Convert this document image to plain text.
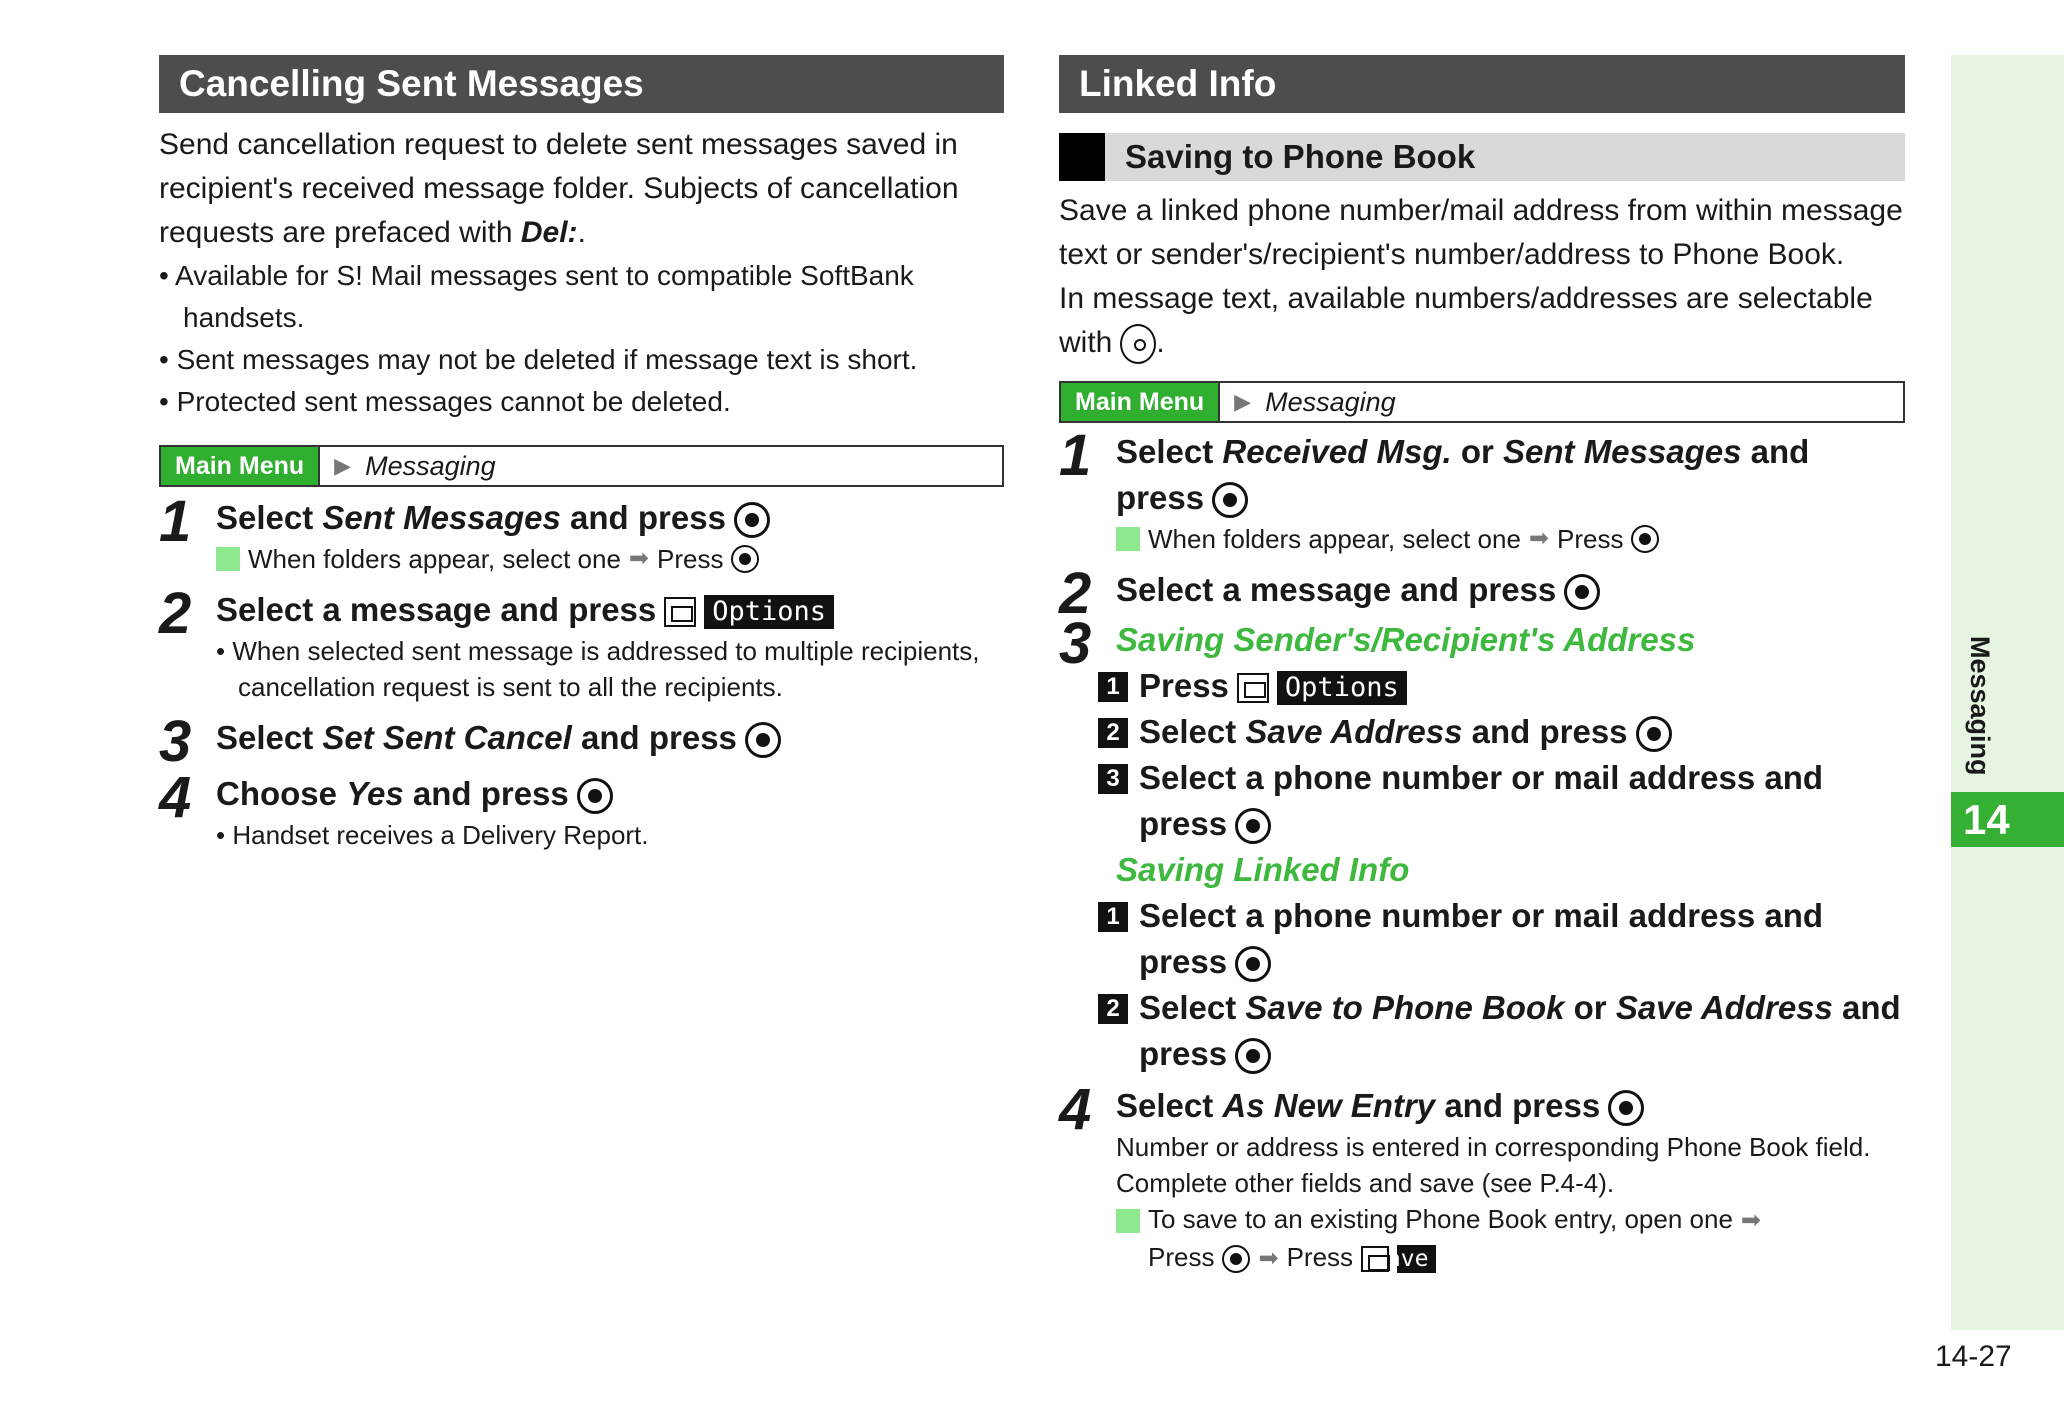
Cancelling Sent Messages

Send cancellation request to delete sent messages saved in recipient's received message folder. Subjects of cancellation requests are prefaced with Del:.

• Available for S! Mail messages sent to compatible SoftBank handsets.
• Sent messages may not be deleted if message text is short.
• Protected sent messages cannot be deleted.
Main Menu	▶ Messaging
1 Select Sent Messages and press
When folders appear, select one ➡ Press
2 Select a message and press Options
• When selected sent message is addressed to multiple recipients, cancellation request is sent to all the recipients.
3 Select Set Sent Cancel and press
4 Choose Yes and press
• Handset receives a Delivery Report.
Linked Info
Saving to Phone Book

Save a linked phone number/mail address from within message text or sender's/recipient's number/address to Phone Book.
In message text, available numbers/addresses are selectable with .

Main Menu	▶ Messaging
1 Select Received Msg. or Sent Messages and press
When folders appear, select one ➡ Press
2 Select a message and press
3 Saving Sender's/Recipient's Address
1 Press Options
2 Select Save Address and press
3 Select a phone number or mail address and press
Saving Linked Info
1 Select a phone number or mail address and press
2 Select Save to Phone Book or Save Address and press
4 Select As New Entry and press
Number or address is entered in corresponding Phone Book field. Complete other fields and save (see P.4-4).
To save to an existing Phone Book entry, open one ➡
Press ➡ Press Save
Messaging
14
14-27
